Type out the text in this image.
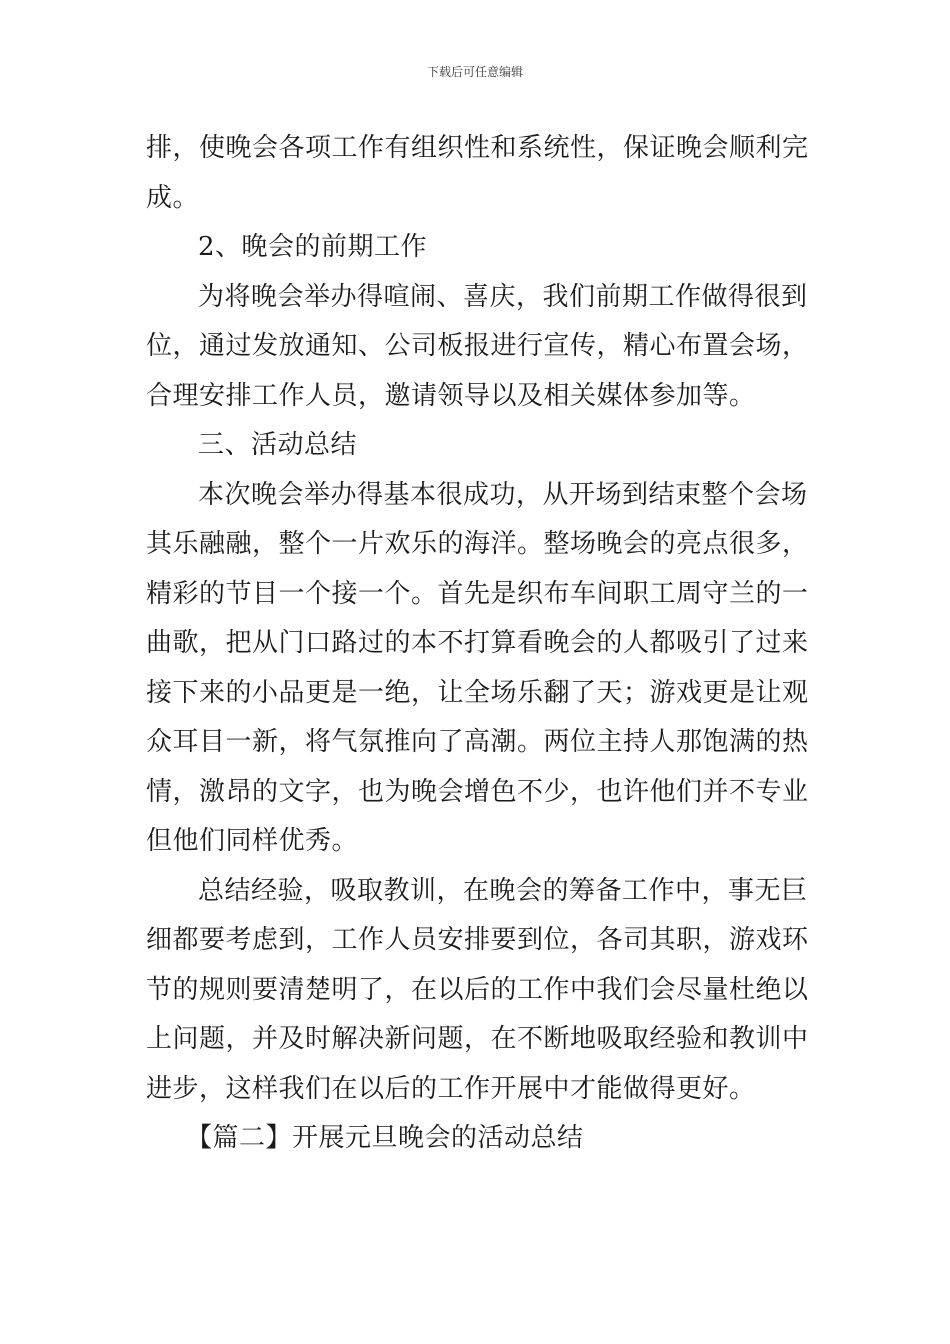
下载后可任意编辑
排，使晚会各项工作有组织性和系统性，保证晚会顺利完
成。
2、晚会的前期工作
为将晚会举办得喧闹、喜庆，我们前期工作做得很到
位，通过发放通知、公司板报进行宣传，精心布置会场，
合理安排工作人员，邀请领导以及相关媒体参加等。
三、活动总结
本次晚会举办得基本很成功，从开场到结束整个会场
其乐融融，整个一片欢乐的海洋。整场晚会的亮点很多，
精彩的节目一个接一个。首先是织布车间职工周守兰的一
曲歌，把从门口路过的本不打算看晚会的人都吸引了过来
接下来的小品更是一绝，让全场乐翻了天；游戏更是让观
众耳目一新，将气氛推向了高潮。两位主持人那饱满的热
情，激昂的文字，也为晚会增色不少，也许他们并不专业
但他们同样优秀。
总结经验，吸取教训，在晚会的筹备工作中，事无巨
细都要考虑到，工作人员安排要到位，各司其职，游戏环
节的规则要清楚明了，在以后的工作中我们会尽量杜绝以
上问题，并及时解决新问题，在不断地吸取经验和教训中
进步，这样我们在以后的工作开展中才能做得更好。
【篇二】开展元旦晚会的活动总结
